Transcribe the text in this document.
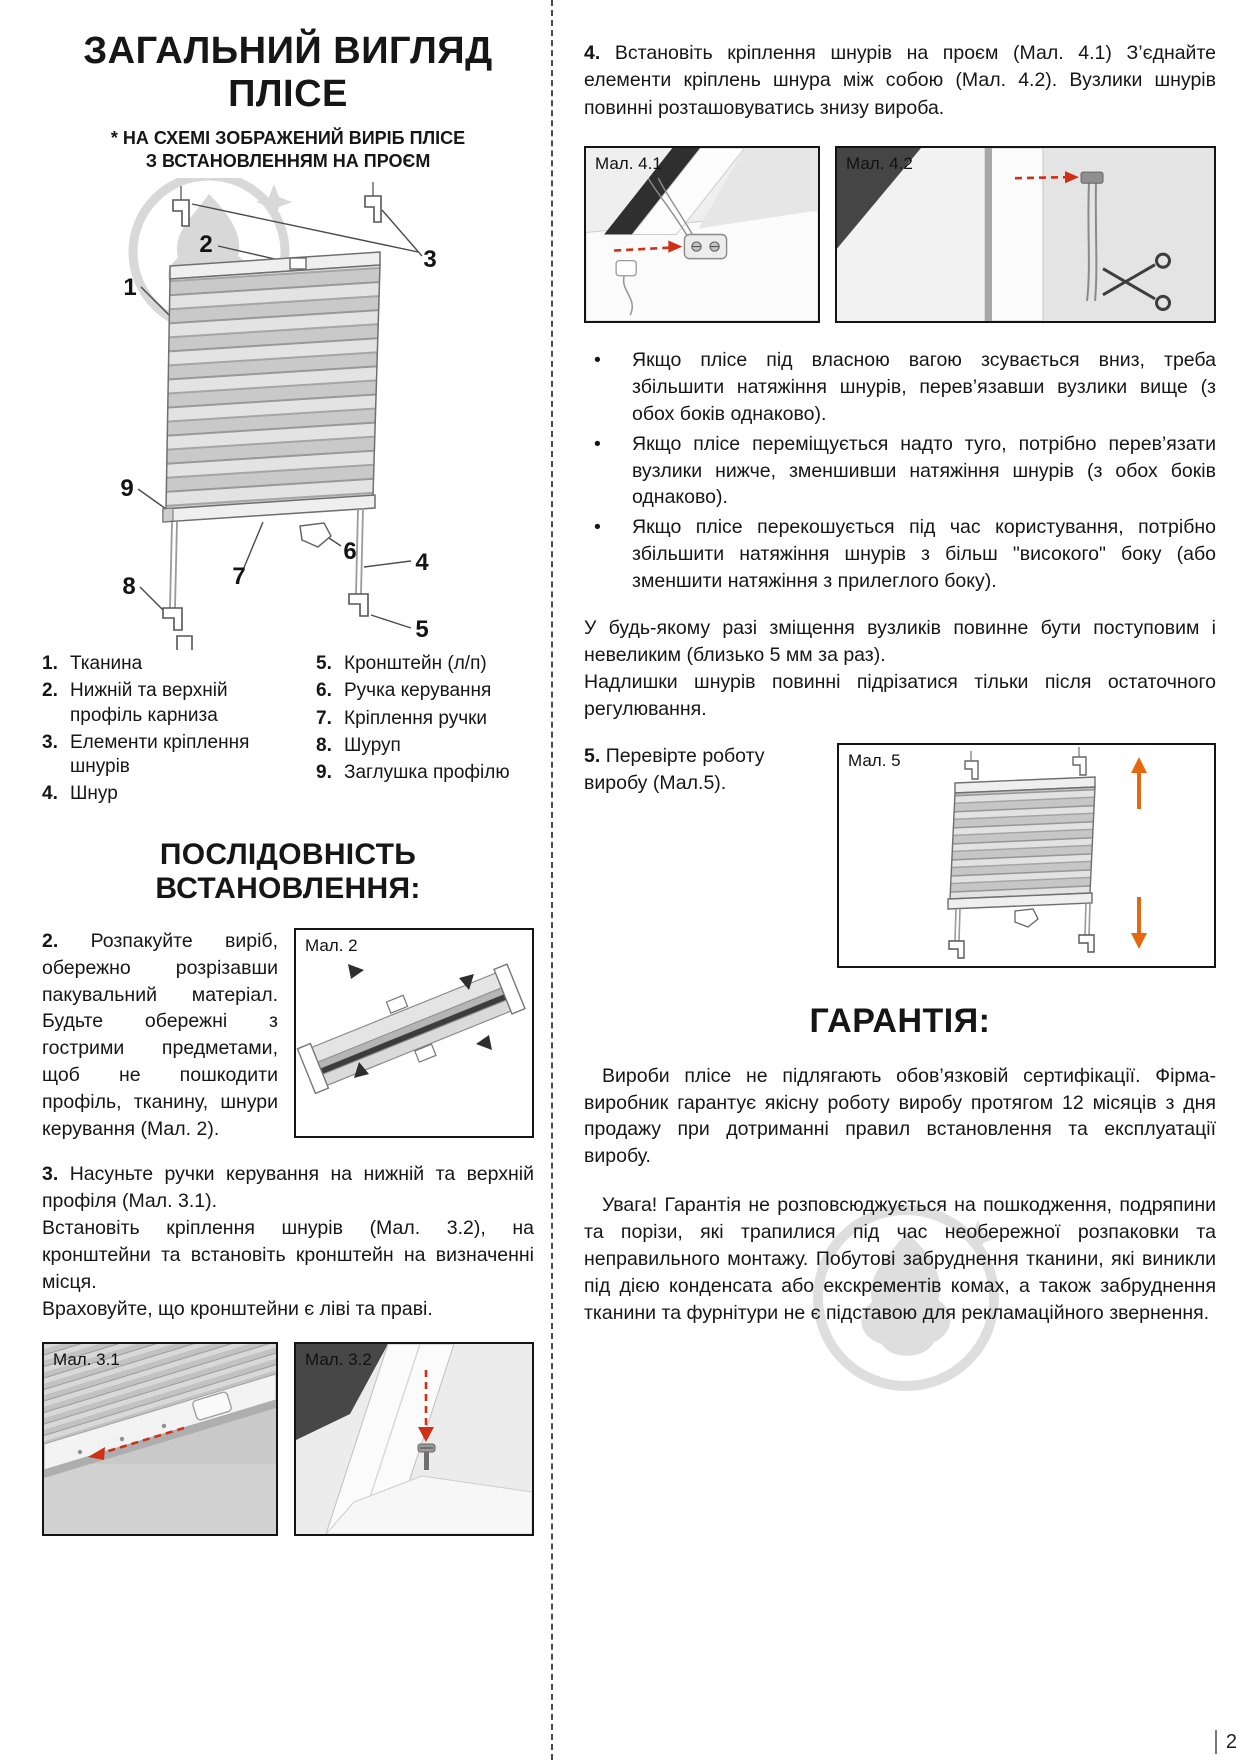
ЗАГАЛЬНИЙ ВИГЛЯД
ПЛІСЕ
* НА СХЕМІ ЗОБРАЖЕНИЙ ВИРІБ ПЛІСЕ
З ВСТАНОВЛЕННЯМ НА ПРОЄМ
1
2
3
4
5
6
7
8
9
1. Тканина
2. Нижній та верхній профіль карниза
3. Елементи кріплення шнурів
4. Шнур
5. Кронштейн (л/п)
6. Ручка керування
7. Кріплення ручки
8. Шуруп
9. Заглушка профілю
ПОСЛІДОВНІСТЬ ВСТАНОВЛЕННЯ:
2. Розпакуйте виріб, обережно розрізавши пакувальний матеріал. Будьте обережні з гострими предметами, щоб не пошкодити профіль, тканину, шнури керування (Мал. 2).
Мал. 2
3. Насуньте ручки керування на нижній та верхній профіля (Мал. 3.1).
Встановіть кріплення шнурів (Мал. 3.2), на кронштейни та встановіть кронштейн на визначенні місця.
Враховуйте, що кронштейни є ліві та праві.
Мал. 3.1	Мал. 3.2
4. Встановіть кріплення шнурів на проєм (Мал. 4.1) З’єднайте елементи кріплень шнура між собою (Мал. 4.2). Вузлики шнурів повинні розташовуватись знизу вироба.
Мал. 4.1	Мал. 4.2
• Якщо плісе під власною вагою зсувається вниз, треба збільшити натяжіння шнурів, перев’язавши вузлики вище (з обох боків однаково).
• Якщо плісе переміщується надто туго, потрібно перев’язати вузлики нижче, зменшивши натяжіння шнурів (з обох боків однаково).
• Якщо плісе перекошується під час користування, потрібно збільшити натяжіння шнурів з більш "високого" боку (або зменшити натяжіння з прилеглого боку).
У будь-якому разі зміщення вузликів повинне бути поступовим і невеликим (близько 5 мм за раз).
Надлишки шнурів повинні підрізатися тільки після остаточного регулювання.
5. Перевірте роботу виробу (Мал.5).
Мал. 5
ГАРАНТІЯ:
Вироби плісе не підлягають обов’язковій сертифікації. Фірма-виробник гарантує якісну роботу виробу протягом 12 місяців з дня продажу при дотриманні правил встановлення та експлуатації виробу.
Увага! Гарантія не розповсюджується на пошкодження, подряпини та порізи, які трапилися під час необережної розпаковки та неправильного монтажу. Побутові забруднення тканини, які виникли під дією конденсата або екскрементів комах, а також забруднення тканини та фурнітури не є підставою для рекламаційного звернення.
2
